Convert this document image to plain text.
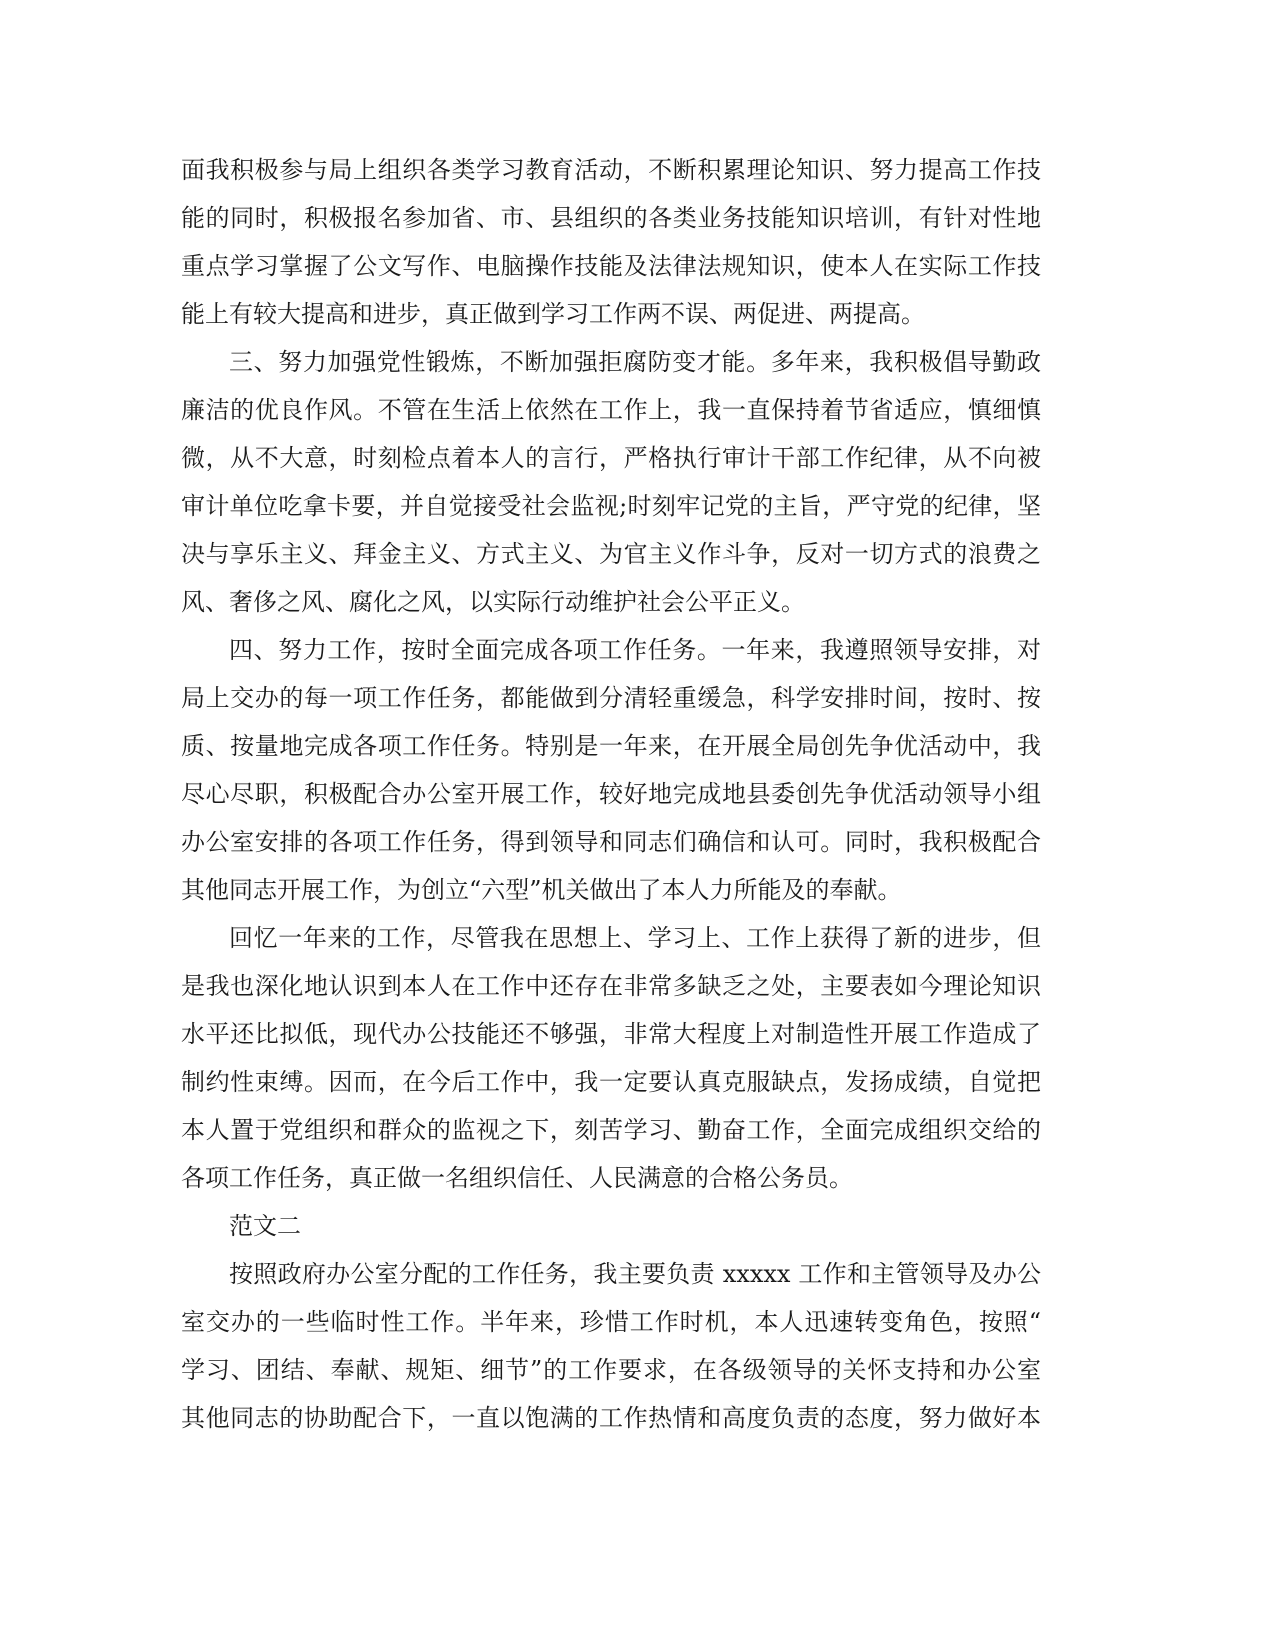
面我积极参与局上组织各类学习教育活动，不断积累理论知识、努力提高工作技
能的同时，积极报名参加省、市、县组织的各类业务技能知识培训，有针对性地
重点学习掌握了公文写作、电脑操作技能及法律法规知识，使本人在实际工作技
能上有较大提高和进步，真正做到学习工作两不误、两促进、两提高。
三、努力加强党性锻炼，不断加强拒腐防变才能。多年来，我积极倡导勤政
廉洁的优良作风。不管在生活上依然在工作上，我一直保持着节省适应，慎细慎
微，从不大意，时刻检点着本人的言行，严格执行审计干部工作纪律，从不向被
审计单位吃拿卡要，并自觉接受社会监视;时刻牢记党的主旨，严守党的纪律，坚
决与享乐主义、拜金主义、方式主义、为官主义作斗争，反对一切方式的浪费之
风、奢侈之风、腐化之风，以实际行动维护社会公平正义。
四、努力工作，按时全面完成各项工作任务。一年来，我遵照领导安排，对
局上交办的每一项工作任务，都能做到分清轻重缓急，科学安排时间，按时、按
质、按量地完成各项工作任务。特别是一年来，在开展全局创先争优活动中，我
尽心尽职，积极配合办公室开展工作，较好地完成地县委创先争优活动领导小组
办公室安排的各项工作任务，得到领导和同志们确信和认可。同时，我积极配合
其他同志开展工作，为创立“六型”机关做出了本人力所能及的奉献。
回忆一年来的工作，尽管我在思想上、学习上、工作上获得了新的进步，但
是我也深化地认识到本人在工作中还存在非常多缺乏之处，主要表如今理论知识
水平还比拟低，现代办公技能还不够强，非常大程度上对制造性开展工作造成了
制约性束缚。因而，在今后工作中，我一定要认真克服缺点，发扬成绩，自觉把
本人置于党组织和群众的监视之下，刻苦学习、勤奋工作，全面完成组织交给的
各项工作任务，真正做一名组织信任、人民满意的合格公务员。
范文二
按照政府办公室分配的工作任务，我主要负责 xxxxx 工作和主管领导及办公
室交办的一些临时性工作。半年来，珍惜工作时机，本人迅速转变角色，按照“
学习、团结、奉献、规矩、细节”的工作要求，在各级领导的关怀支持和办公室
其他同志的协助配合下，一直以饱满的工作热情和高度负责的态度，努力做好本
